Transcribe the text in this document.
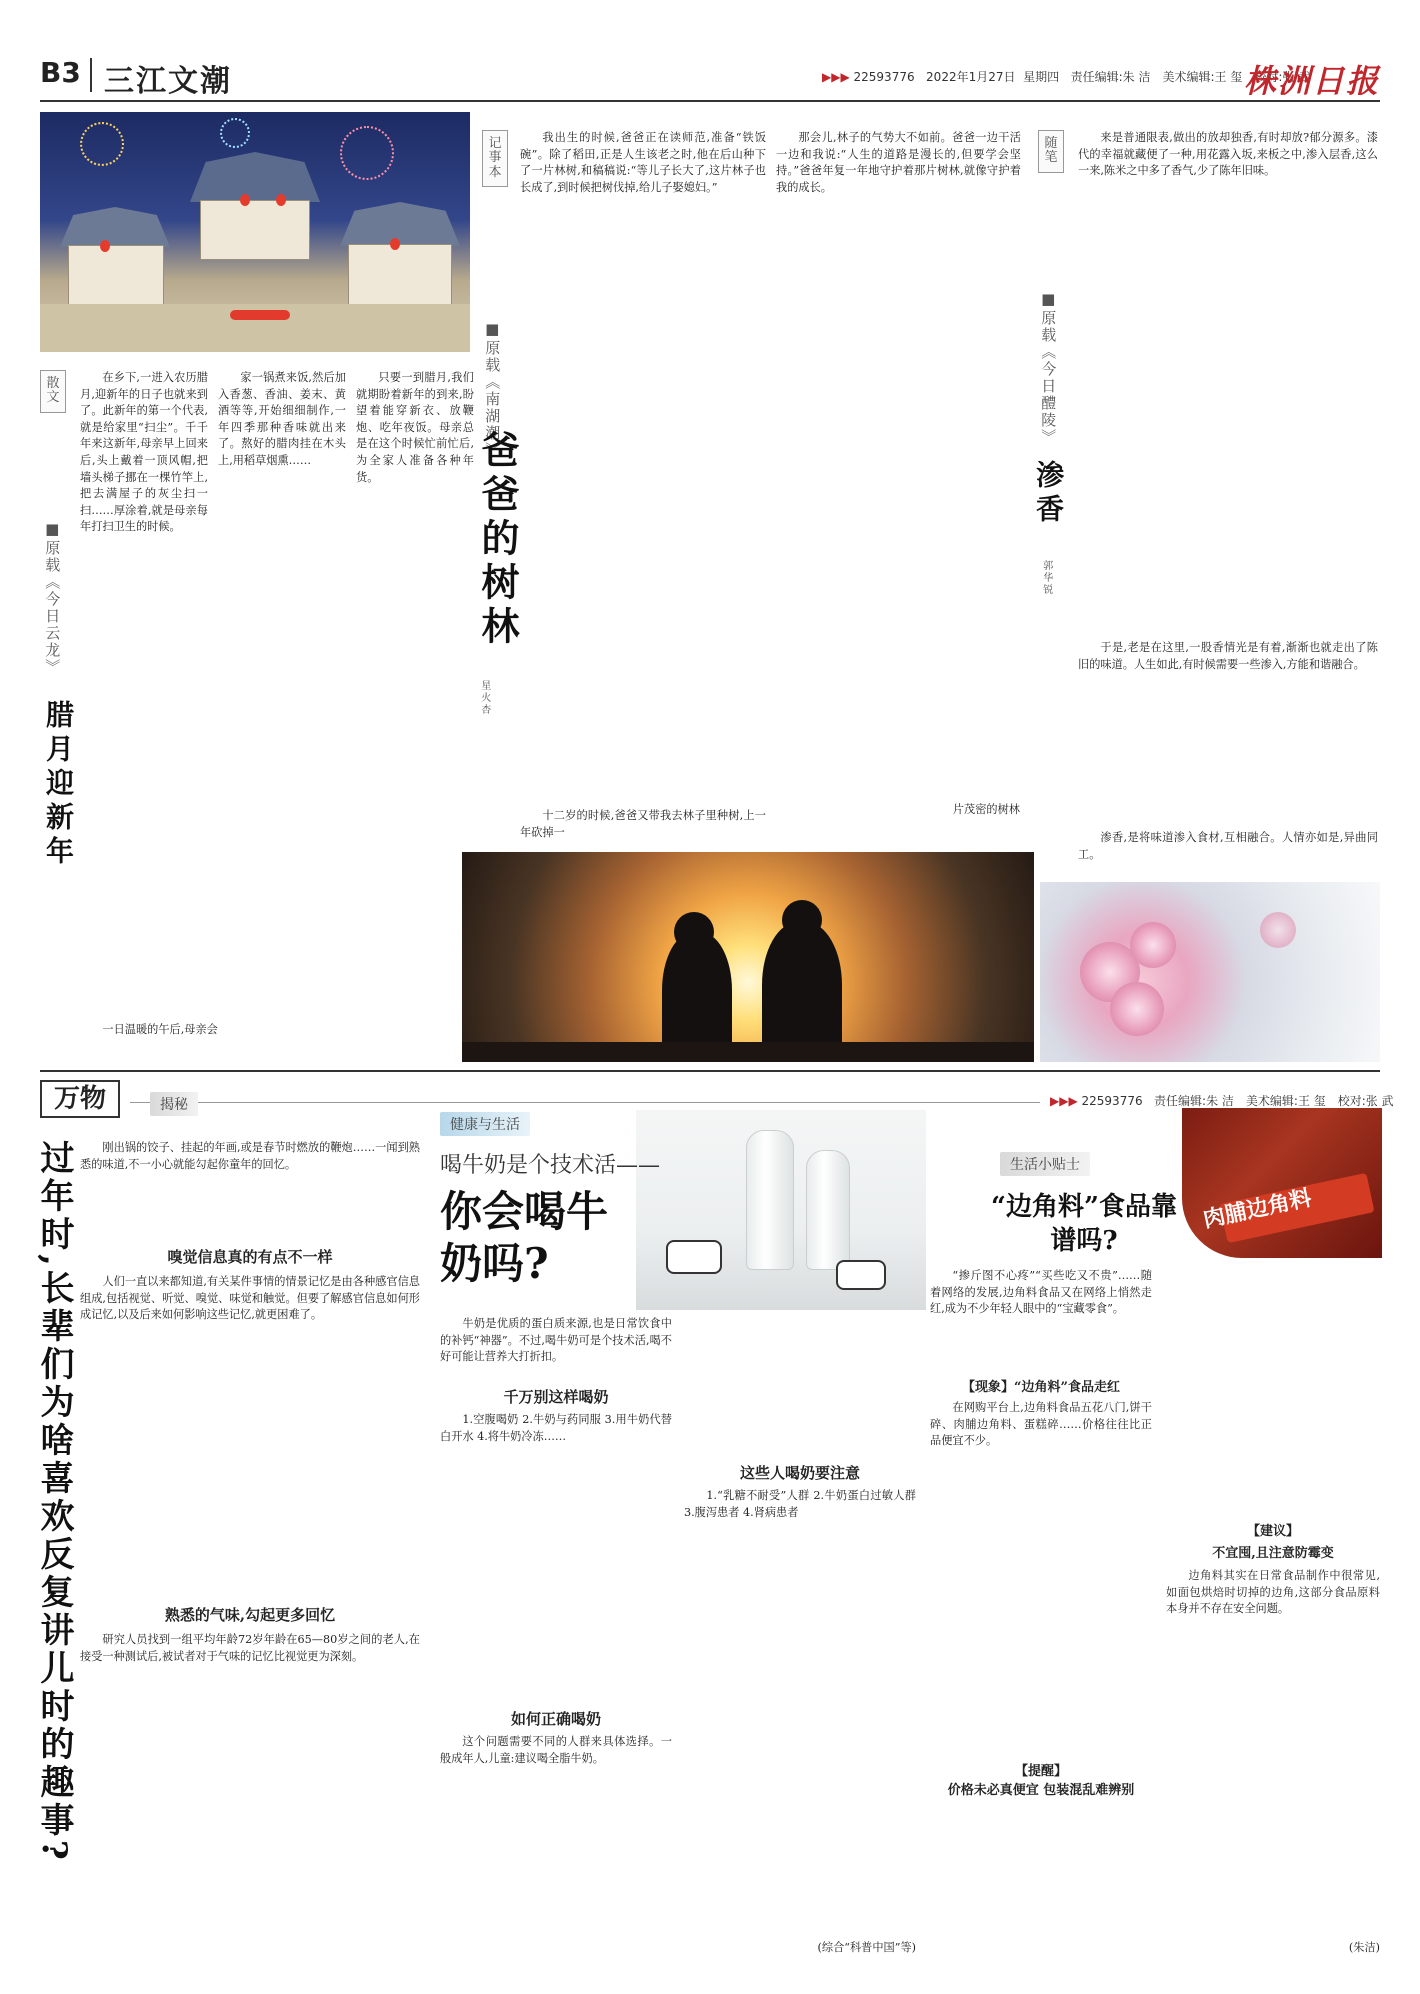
B3 三江文潮	▶▶▶ 22593776 2022年1月27日 星期四 责任编辑:朱 洁　美术编辑:王 玺　校对:张 武
株洲日报
散文
■原载《今日云龙》
腊月迎新年

在乡下,一进入农历腊月,迎新年的日子也就来到了。此新年的第一个代表,就是给家里“扫尘”。千千年来这新年,母亲早上回来后,头上戴着一顶风帽,把墙头梯子挪在一棵竹竿上,把去满屋子的灰尘扫一扫……厚涂着,就是母亲每年打扫卫生的时候。

家一锅煮来饭,然后加入香葱、香油、姜末、黄酒等等,开始细细制作,一年四季那种香味就出来了。熬好的腊肉挂在木头上,用稻草烟熏……

只要一到腊月,我们就期盼着新年的到来,盼望着能穿新衣、放鞭炮、吃年夜饭。母亲总是在这个时候忙前忙后,为全家人准备各种年货。

一日温暖的午后,母亲会

记事本
■原载《南湖潮》
爸爸的树林
星火杏

我出生的时候,爸爸正在读师范,准备“铁饭碗”。除了稻田,正是人生该老之时,他在后山种下了一片林树,和稿稿说:“等儿子长大了,这片林子也长成了,到时候把树伐掉,给儿子娶媳妇。”

那会儿,林子的气势大不如前。爸爸一边干活一边和我说:“人生的道路是漫长的,但要学会坚持。”爸爸年复一年地守护着那片树林,就像守护着我的成长。

十二岁的时候,爸爸又带我去林子里种树,上一年砍掉一

片茂密的树林
随笔
■原载《今日醴陵》
渗香
郭华锐

来是普通限表,做出的放却独香,有时却放?郁分源多。漆代的幸福就藏便了一种,用花露入坂,来板之中,渗入层香,这么一来,陈米之中多了香气,少了陈年旧味。

于是,老是在这里,一股香情光是有着,渐渐也就走出了陈旧的味道。人生如此,有时候需要一些渗入,方能和谐融合。

渗香,是将味道渗入食材,互相融合。人情亦如是,异曲同工。

万物	▶▶▶ 22593776 责任编辑:朱 洁　美术编辑:王 玺　校对:张 武
揭秘
过年时,长辈们为啥喜欢反复讲儿时的趣事?	刚出锅的饺子、挂起的年画,或是春节时燃放的鞭炮……一闻到熟悉的味道,不一小心就能勾起你童年的回忆。

嗅觉信息真的有点不一样

人们一直以来都知道,有关某件事情的情景记忆是由各种感官信息组成,包括视觉、听觉、嗅觉、味觉和触觉。但要了解感官信息如何形成记忆,以及后来如何影响这些记忆,就更困难了。

熟悉的气味,勾起更多回忆

研究人员找到一组平均年龄72岁年龄在65—80岁之间的老人,在接受一种测试后,被试者对于气味的记忆比视觉更为深刻。

健康与生活
喝牛奶是个技术活——
你会喝牛奶吗?

牛奶是优质的蛋白质来源,也是日常饮食中的补钙“神器”。不过,喝牛奶可是个技术活,喝不好可能让营养大打折扣。

千万别这样喝奶

1.空腹喝奶 2.牛奶与药同服 3.用牛奶代替白开水 4.将牛奶冷冻……

如何正确喝奶

这个问题需要不同的人群来具体选择。一般成年人,儿童:建议喝全脂牛奶。

这些人喝奶要注意

1.“乳糖不耐受”人群 2.牛奶蛋白过敏人群 3.腹泻患者 4.肾病患者

(综合“科普中国”等)
生活小贴士
肉脯边角料
“边角料”食品靠谱吗?

“掺斤图不心疼”“买些吃又不贵”……随着网络的发展,边角料食品又在网络上悄然走红,成为不少年轻人眼中的“宝藏零食”。

【现象】“边角料”食品走红

在网购平台上,边角料食品五花八门,饼干碎、肉脯边角料、蛋糕碎……价格往往比正品便宜不少。

【提醒】
价格未必真便宜 包装混乱难辨别
【建议】
不宜囤,且注意防霉变

边角料其实在日常食品制作中很常见,如面包烘焙时切掉的边角,这部分食品原料本身并不存在安全问题。

(朱洁)
